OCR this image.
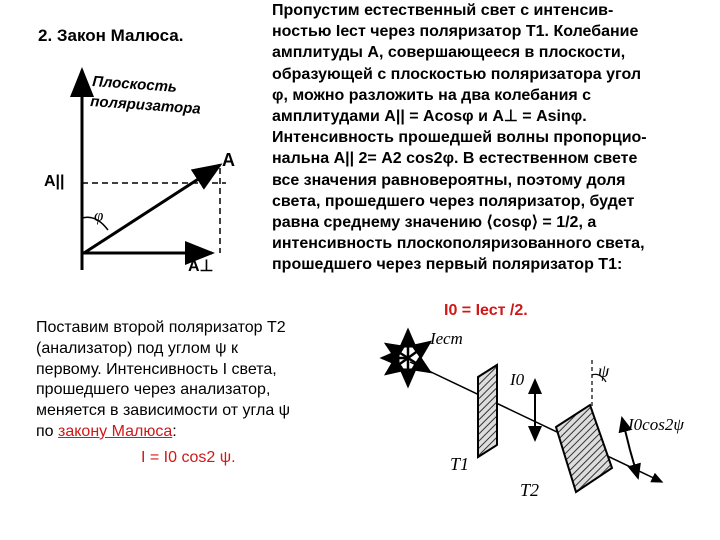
2. Закон Малюса.
Пропустим естественный свет с интенсив-
ностью Iест через поляризатор Т1. Колебание
амплитуды А, совершающееся в плоскости,
образующей с плоскостью поляризатора угол
φ, можно разложить на два колебания с
амплитудами А|| = Acosφ и А⊥ = Asinφ.
Интенсивность прошедшей волны пропорцио-
нальна А|| 2= А2 cos2φ. В естественном свете
все значения равновероятны, поэтому доля
света, прошедшего через поляризатор, будет
равна среднему значению ⟨cosφ⟩ = 1/2, а
интенсивность плоскополяризованного света,
прошедшего через первый поляризатор Т1:
I0 = Iест /2.
Поставим второй поляризатор Т2
(анализатор) под углом ψ к
первому. Интенсивность I света,
прошедшего через анализатор,
меняется в зависимости от угла ψ
по закону Малюса:
I = I0 cos2 ψ.
Плоскость
поляризатора
A||
A
φ
A⊥
Iест
I0	ψ
I0cos2ψ
T1
T2
